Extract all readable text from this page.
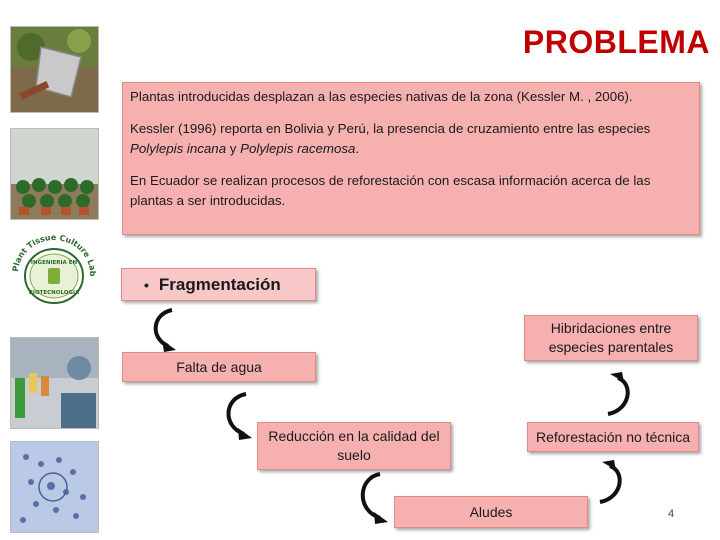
Plant Tissue Culture Lab
INGENIERIA EN
BIOTECNOLOGIA
PROBLEMA

Plantas introducidas desplazan a las especies nativas de la zona (Kessler M. , 2006).

Kessler (1996) reporta en Bolivia y Perú, la presencia de cruzamiento entre las especies
Polylepis incana y Polylepis racemosa.

En Ecuador se realizan procesos de reforestación con escasa información acerca de las plantas a ser introducidas.

• Fragmentación
Falta de agua
Reducción en la calidad del suelo
Aludes
Reforestación no técnica
Hibridaciones entre especies parentales
4
